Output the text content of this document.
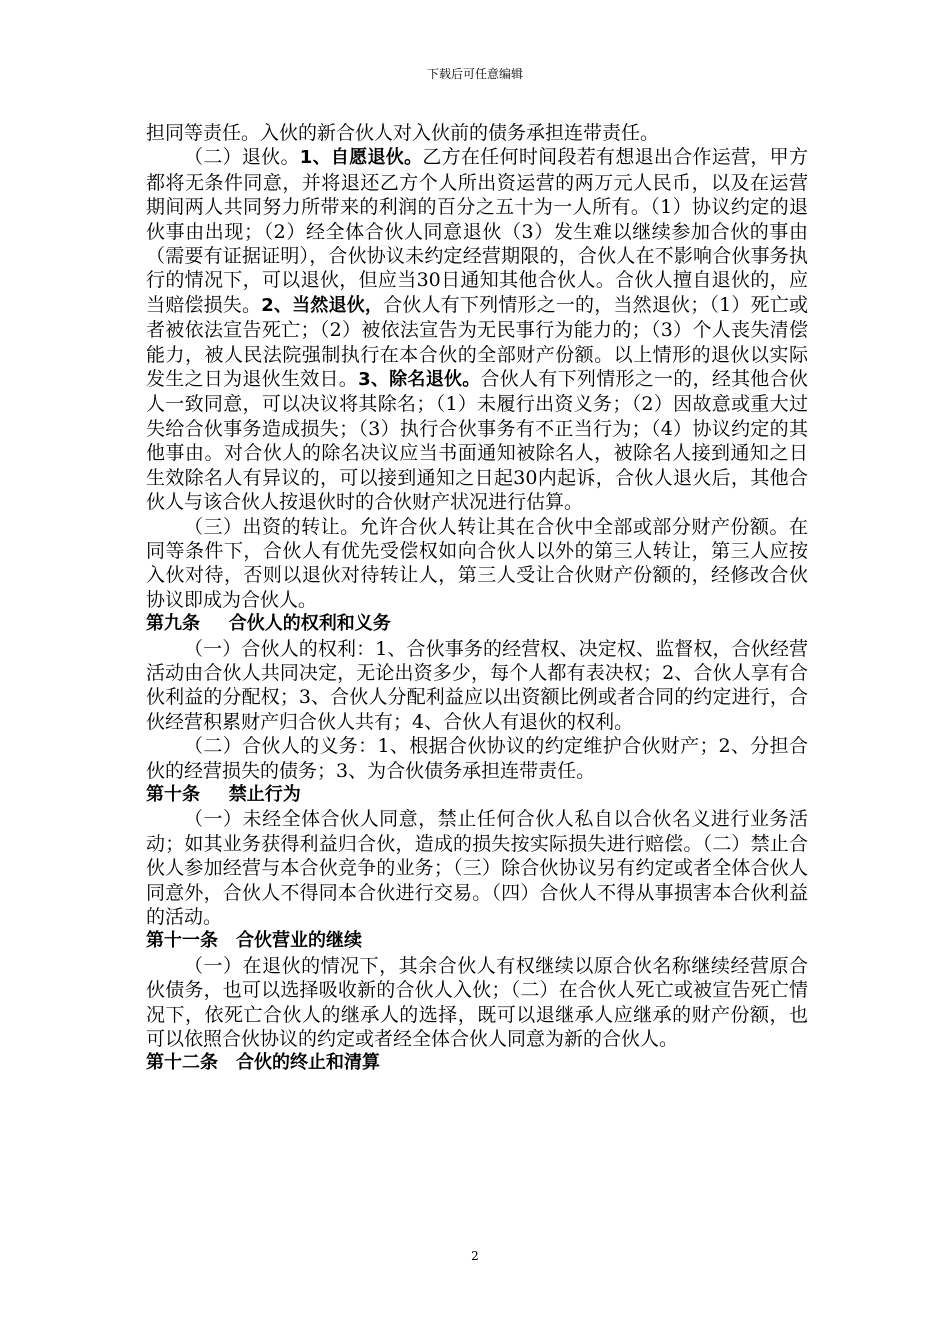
下载后可任意编辑

担同等责任。入伙的新合伙人对入伙前的债务承担连带责任。

（二）退伙。1、自愿退伙。乙方在任何时间段若有想退出合作运营，甲方都将无条件同意，并将退还乙方个人所出资运营的两万元人民币，以及在运营期间两人共同努力所带来的利润的百分之五十为一人所有。（1）协议约定的退伙事由出现；（2）经全体合伙人同意退伙（3）发生难以继续参加合伙的事由（需要有证据证明），合伙协议未约定经营期限的，合伙人在不影响合伙事务执行的情况下，可以退伙，但应当30日通知其他合伙人。合伙人擅自退伙的，应当赔偿损失。2、当然退伙，合伙人有下列情形之一的，当然退伙；（1）死亡或者被依法宣告死亡；（2）被依法宣告为无民事行为能力的；（3）个人丧失清偿能力，被人民法院强制执行在本合伙的全部财产份额。以上情形的退伙以实际发生之日为退伙生效日。3、除名退伙。合伙人有下列情形之一的，经其他合伙人一致同意，可以决议将其除名；（1）未履行出资义务；（2）因故意或重大过失给合伙事务造成损失；（3）执行合伙事务有不正当行为；（4）协议约定的其他事由。对合伙人的除名决议应当书面通知被除名人，被除名人接到通知之日生效除名人有异议的，可以接到通知之日起30内起诉，合伙人退火后，其他合伙人与该合伙人按退伙时的合伙财产状况进行估算。

（三）出资的转让。允许合伙人转让其在合伙中全部或部分财产份额。在同等条件下，合伙人有优先受偿权如向合伙人以外的第三人转让，第三人应按入伙对待，否则以退伙对待转让人，第三人受让合伙财产份额的，经修改合伙协议即成为合伙人。

第九条 合伙人的权利和义务

（一）合伙人的权利：1、合伙事务的经营权、决定权、监督权，合伙经营活动由合伙人共同决定，无论出资多少，每个人都有表决权；2、合伙人享有合伙利益的分配权；3、合伙人分配利益应以出资额比例或者合同的约定进行，合伙经营积累财产归合伙人共有；4、合伙人有退伙的权利。

（二）合伙人的义务：1、根据合伙协议的约定维护合伙财产；2、分担合伙的经营损失的债务；3、为合伙债务承担连带责任。

第十条 禁止行为

（一）未经全体合伙人同意，禁止任何合伙人私自以合伙名义进行业务活动；如其业务获得利益归合伙，造成的损失按实际损失进行赔偿。（二）禁止合伙人参加经营与本合伙竞争的业务；（三）除合伙协议另有约定或者全体合伙人同意外，合伙人不得同本合伙进行交易。（四）合伙人不得从事损害本合伙利益的活动。

第十一条 合伙营业的继续

（一）在退伙的情况下，其余合伙人有权继续以原合伙名称继续经营原合伙债务，也可以选择吸收新的合伙人入伙；（二）在合伙人死亡或被宣告死亡情况下，依死亡合伙人的继承人的选择，既可以退继承人应继承的财产份额，也可以依照合伙协议的约定或者经全体合伙人同意为新的合伙人。

第十二条 合伙的终止和清算

2
